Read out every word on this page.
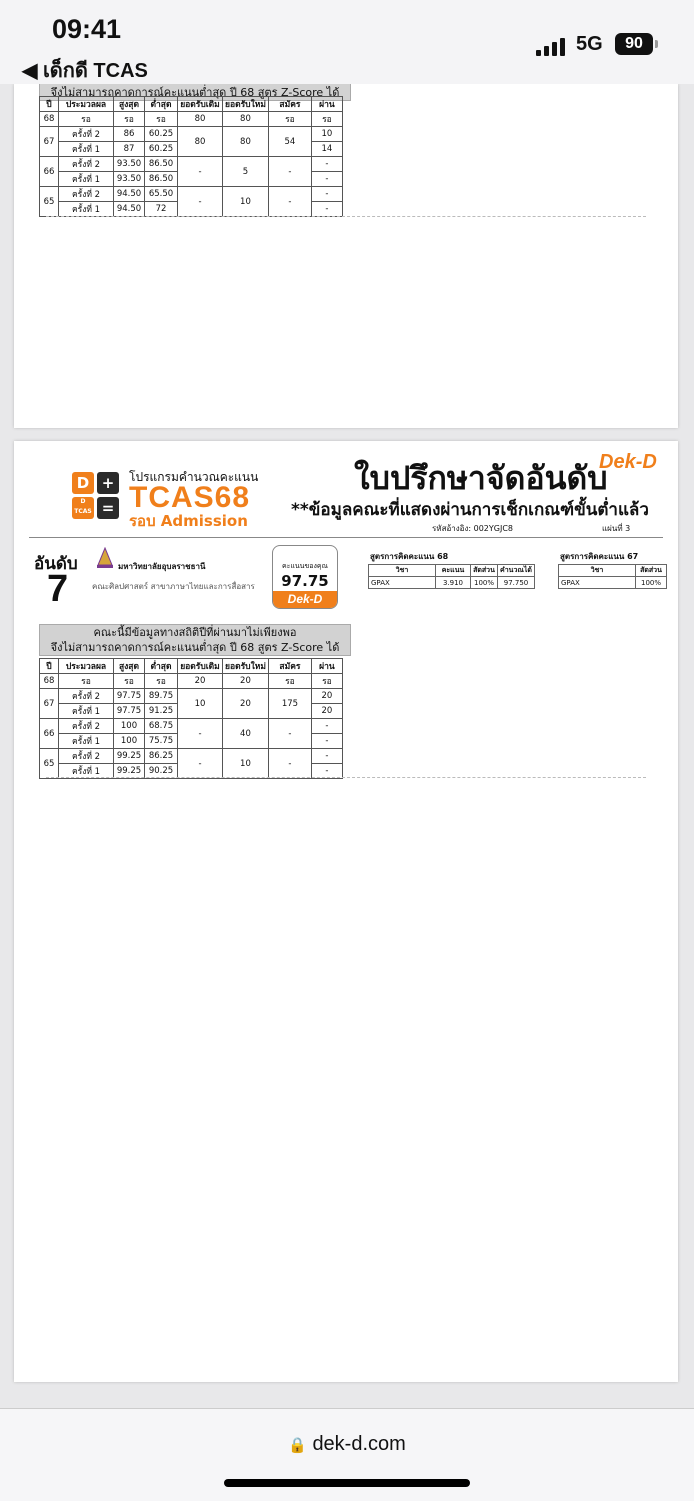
09:41
◀ เด็กดี TCAS
5G	90
จึงไม่สามารถคาดการณ์คะแนนต่ำสุด ปี 68 สูตร Z-Score ได้
ปี	ประมวลผล	สูงสุด	ต่ำสุด	ยอดรับเดิม	ยอดรับใหม่	สมัคร	ผ่าน
68	รอ	รอ	รอ	80	80	รอ	รอ
67	ครั้งที่ 2	86	60.25	80	80	54	10
	ครั้งที่ 1	87	60.25				14
66	ครั้งที่ 2	93.50	86.50	-	5	-	-
	ครั้งที่ 1	93.50	86.50				-
65	ครั้งที่ 2	94.50	65.50	-	10	-	-
	ครั้งที่ 1	94.50	72				-
D +
D
TCAS =
โปรแกรมคำนวณคะแนน
TCAS68
รอบ Admission
ใบปรึกษาจัดอันดับ
**ข้อมูลคณะที่แสดงผ่านการเช็กเกณฑ์ขั้นต่ำแล้ว
Dek-D
รหัสอ้างอิง: 002YGJC8	แผ่นที่ 3
อันดับ
7
มหาวิทยาลัยอุบลราชธานี
คณะศิลปศาสตร์ สาขาภาษาไทยและการสื่อสาร
คะแนนของคุณ
97.75
Dek-D
สูตรการคิดคะแนน 68
วิชา	คะแนน	สัดส่วน	คำนวณได้
GPAX	3.910	100%	97.750
สูตรการคิดคะแนน 67
วิชา	สัดส่วน
GPAX	100%
คณะนี้มีข้อมูลทางสถิติปีที่ผ่านมาไม่เพียงพอ
จึงไม่สามารถคาดการณ์คะแนนต่ำสุด ปี 68 สูตร Z-Score ได้
ปี	ประมวลผล	สูงสุด	ต่ำสุด	ยอดรับเดิม	ยอดรับใหม่	สมัคร	ผ่าน
68	รอ	รอ	รอ	20	20	รอ	รอ
67	ครั้งที่ 2	97.75	89.75	10	20	175	20
	ครั้งที่ 1	97.75	91.25				20
66	ครั้งที่ 2	100	68.75	-	40	-	-
	ครั้งที่ 1	100	75.75				-
65	ครั้งที่ 2	99.25	86.25	-	10	-	-
	ครั้งที่ 1	99.25	90.25				-
🔒 dek-d.com
